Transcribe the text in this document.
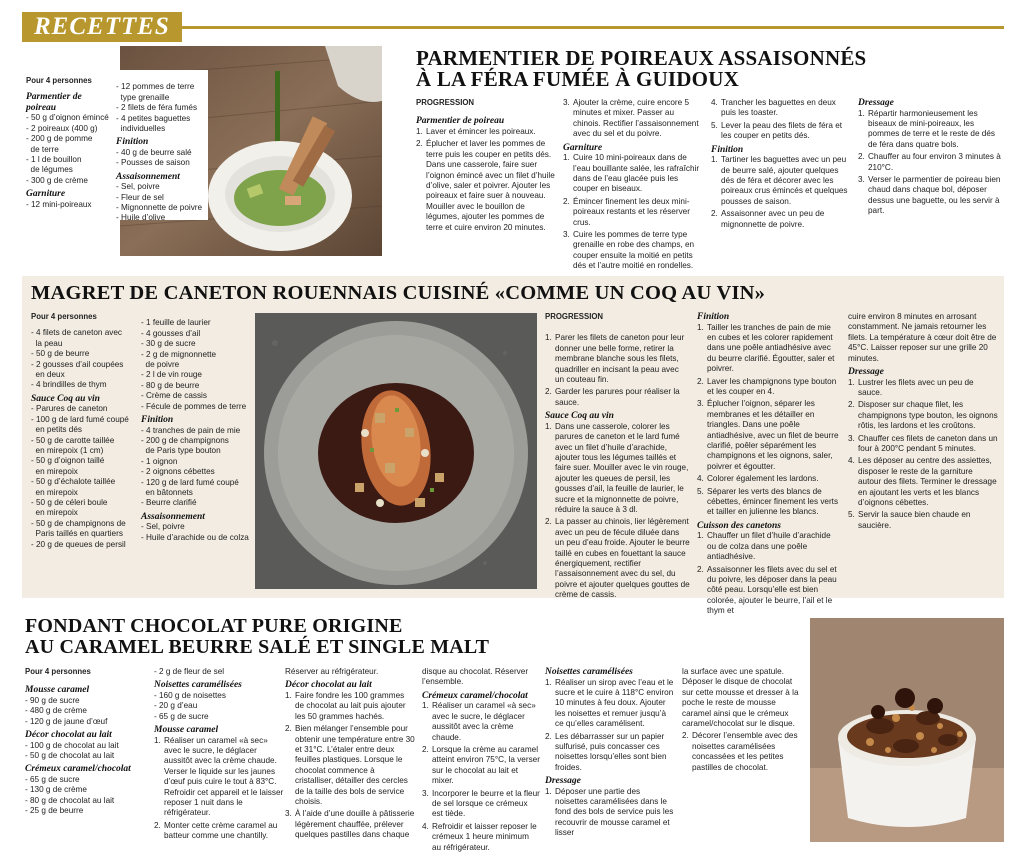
RECETTES
Pour 4 personnes
Parmentier de poireau
- 50 g d’oignon émincé
- 2 poireaux (400 g)
- 200 g de pomme
de terre
- 1 l de bouillon
de légumes
- 300 g de crème
Garniture
- 12 mini-poireaux
- 12 pommes de terre
type grenaille
- 2 filets de féra fumés
- 4 petites baguettes
individuelles
Finition
- 40 g de beurre salé
- Pousses de saison
Assaisonnement
- Sel, poivre
- Fleur de sel
- Mignonnette de poivre
- Huile d’olive
PARMENTIER DE POIREAUX ASSAISONNÉS
À LA FÉRA FUMÉE À GUIDOUX
PROGRESSION
Parmentier de poireau
1. Laver et émincer les poireaux.
2. Éplucher et laver les pommes de terre puis les couper en petits dés. Dans une casserole, faire suer l’oignon émincé avec un filet d’huile d’olive, saler et poivrer. Ajouter les poireaux et faire suer à nouveau. Mouiller avec le bouillon de légumes, ajouter les pommes de terre et cuire environ 20 minutes.
3. Ajouter la crème, cuire encore 5 minutes et mixer. Passer au chinois. Rectifier l’assaisonnement avec du sel et du poivre.
Garniture
1. Cuire 10 mini-poireaux dans de l’eau bouillante salée, les rafraîchir dans de l’eau glacée puis les couper en biseaux.
2. Émincer finement les deux mini-poireaux restants et les réserver crus.
3. Cuire les pommes de terre type grenaille en robe des champs, en couper ensuite la moitié en petits dés et l’autre moitié en rondelles.
4. Trancher les baguettes en deux puis les toaster.
5. Lever la peau des filets de féra et les couper en petits dés.
Finition
1. Tartiner les baguettes avec un peu de beurre salé, ajouter quelques dés de féra et décorer avec les poireaux crus émincés et quelques pousses de saison.
2. Assaisonner avec un peu de mignonnette de poivre.
Dressage
1. Répartir harmonieusement les biseaux de mini-poireaux, les pommes de terre et le reste de dés de féra dans quatre bols.
2. Chauffer au four environ 3 minutes à 210°C.
3. Verser le parmentier de poireau bien chaud dans chaque bol, déposer dessus une baguette, ou les servir à part.
MAGRET DE CANETON ROUENNAIS CUISINÉ «COMME UN COQ AU VIN»
Pour 4 personnes
- 4 filets de caneton avec
la peau
- 50 g de beurre
- 2 gousses d’ail coupées
en deux
- 4 brindilles de thym
Sauce Coq au vin
- Parures de caneton
- 100 g de lard fumé coupé
en petits dés
- 50 g de carotte taillée
en mirepoix (1 cm)
- 50 g d’oignon taillé
en mirepoix
- 50 g d’échalote taillée
en mirepoix
- 50 g de céleri boule
en mirepoix
- 50 g de champignons de
Paris taillés en quartiers
- 20 g de queues de persil
- 1 feuille de laurier
- 4 gousses d’ail
- 30 g de sucre
- 2 g de mignonnette
de poivre
- 2 l de vin rouge
- 80 g de beurre
- Crème de cassis
- Fécule de pommes de terre
Finition
- 4 tranches de pain de mie
- 200 g de champignons
de Paris type bouton
- 1 oignon
- 2 oignons cébettes
- 120 g de lard fumé coupé
en bâtonnets
- Beurre clarifié
Assaisonnement
- Sel, poivre
- Huile d’arachide ou de colza
PROGRESSION
1. Parer les filets de caneton pour leur donner une belle forme, retirer la membrane blanche sous les filets, quadriller en incisant la peau avec un couteau fin.
2. Garder les parures pour réaliser la sauce.
Sauce Coq au vin
1. Dans une casserole, colorer les parures de caneton et le lard fumé avec un filet d’huile d’arachide, ajouter tous les légumes taillés et faire suer. Mouiller avec le vin rouge, ajouter les queues de persil, les gousses d’ail, la feuille de laurier, le sucre et la mignonnette de poivre, réduire la sauce à 3 dl.
2. La passer au chinois, lier légèrement avec un peu de fécule diluée dans un peu d’eau froide. Ajouter le beurre taillé en cubes en fouettant la sauce énergiquement, rectifier l’assaisonnement avec du sel, du poivre et ajouter quelques gouttes de crème de cassis.
Finition
1. Tailler les tranches de pain de mie en cubes et les colorer rapidement dans une poêle antiadhésive avec du beurre clarifié. Égoutter, saler et poivrer.
2. Laver les champignons type bouton et les couper en 4.
3. Éplucher l’oignon, séparer les membranes et les détailler en triangles. Dans une poêle antiadhésive, avec un filet de beurre clarifié, poêler séparément les champignons et les oignons, saler, poivrer et égoutter.
4. Colorer également les lardons.
5. Séparer les verts des blancs de cébettes, émincer finement les verts et tailler en julienne les blancs.
Cuisson des canetons
1. Chauffer un filet d’huile d’arachide ou de colza dans une poêle antiadhésive.
2. Assaisonner les filets avec du sel et du poivre, les déposer dans la peau côté peau. Lorsqu’elle est bien colorée, ajouter le beurre, l’ail et le thym et
cuire environ 8 minutes en arrosant constamment. Ne jamais retourner les filets. La température à cœur doit être de 45°C. Laisser reposer sur une grille 20 minutes.
Dressage
1. Lustrer les filets avec un peu de sauce.
2. Disposer sur chaque filet, les champignons type bouton, les oignons rôtis, les lardons et les croûtons.
3. Chauffer ces filets de caneton dans un four à 200°C pendant 5 minutes.
4. Les déposer au centre des assiettes, disposer le reste de la garniture autour des filets. Terminer le dressage en ajoutant les verts et les blancs d’oignons cébettes.
5. Servir la sauce bien chaude en saucière.
FONDANT CHOCOLAT PURE ORIGINE
AU CARAMEL BEURRE SALÉ ET SINGLE MALT
Pour 4 personnes
Mousse caramel
- 90 g de sucre
- 480 g de crème
- 120 g de jaune d’œuf
Décor chocolat au lait
- 100 g de chocolat au lait
- 50 g de chocolat au lait
Crémeux caramel/chocolat
- 65 g de sucre
- 130 g de crème
- 80 g de chocolat au lait
- 25 g de beurre
- 2 g de fleur de sel
Noisettes caramélisées
- 160 g de noisettes
- 20 g d’eau
- 65 g de sucre
Mousse caramel
1. Réaliser un caramel «à sec» avec le sucre, le déglacer aussitôt avec la crème chaude. Verser le liquide sur les jaunes d’œuf puis cuire le tout à 83°C. Refroidir cet appareil et le laisser reposer 1 nuit dans le réfrigérateur.
2. Monter cette crème caramel au batteur comme une chantilly.
Réserver au réfrigérateur.
Décor chocolat au lait
1. Faire fondre les 100 grammes de chocolat au lait puis ajouter les 50 grammes hachés.
2. Bien mélanger l’ensemble pour obtenir une température entre 30 et 31°C. L’étaler entre deux feuilles plastiques. Lorsque le chocolat commence à cristalliser, détailler des cercles de la taille des bols de service choisis.
3. À l’aide d’une douille à pâtisserie légèrement chauffée, prélever quelques pastilles dans chaque
disque au chocolat. Réserver l’ensemble.
Crémeux caramel/chocolat
1. Réaliser un caramel «à sec» avec le sucre, le déglacer aussitôt avec la crème chaude.
2. Lorsque la crème au caramel atteint environ 75°C, la verser sur le chocolat au lait et mixer.
3. Incorporer le beurre et la fleur de sel lorsque ce crémeux est tiède.
4. Refroidir et laisser reposer le crémeux 1 heure minimum au réfrigérateur.
Noisettes caramélisées
1. Réaliser un sirop avec l’eau et le sucre et le cuire à 118°C environ 10 minutes à feu doux. Ajouter les noisettes et remuer jusqu’à ce qu’elles caramélisent.
2. Les débarrasser sur un papier sulfurisé, puis concasser ces noisettes lorsqu’elles sont bien froides.
Dressage
1. Déposer une partie des noisettes caramélisées dans le fond des bols de service puis les recouvrir de mousse caramel et lisser
la surface avec une spatule. Déposer le disque de chocolat sur cette mousse et dresser à la poche le reste de mousse caramel ainsi que le crémeux caramel/chocolat sur le disque.
2. Décorer l’ensemble avec des noisettes caramélisées concassées et les petites pastilles de chocolat.
